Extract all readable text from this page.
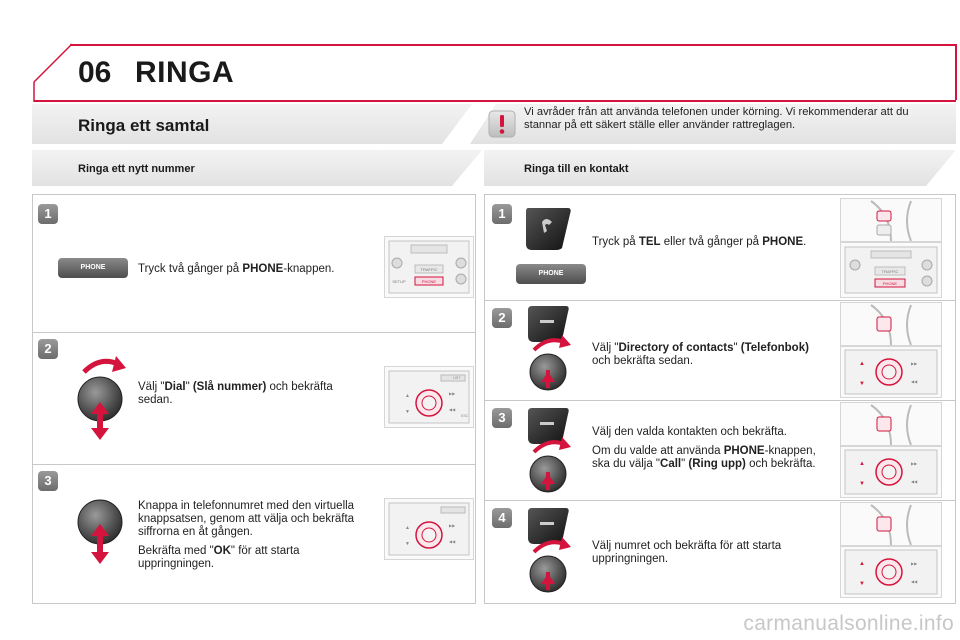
06 RINGA
Ringa ett samtal
Vi avråder från att använda telefonen under körning. Vi rekommenderar att du stannar på ett säkert ställe eller använder rattreglagen.
Ringa ett nytt nummer	Ringa till en kontakt
1
PHONE	Tryck två gånger på PHONE-knappen.	TRAFFIC
PHONE
SETUP
2
Välj "Dial" (Slå nummer) och bekräfta sedan.	▲
▼
▶▶
◀◀
LIST
ESC
3

Knappa in telefonnumret med den virtuella knappsatsen, genom att välja och bekräfta siffrorna en åt gången.

Bekräfta med "OK" för att starta uppringningen.

▲
▼
▶▶
◀◀
1
PHONE
Tryck på TEL eller två gånger på PHONE.
TRAFFIC
PHONE
2
Välj "Directory of contacts" (Telefonbok) och bekräfta sedan.	▲
▼
▶▶
◀◀
3

Välj den valda kontakten och bekräfta.

Om du valde att använda PHONE-knappen, ska du välja "Call" (Ring upp) och bekräfta.	▲
▼
▶▶
◀◀
4
Välj numret och bekräfta för att starta uppringningen.	▲
▼
▶▶
◀◀
carmanualsonline.info
